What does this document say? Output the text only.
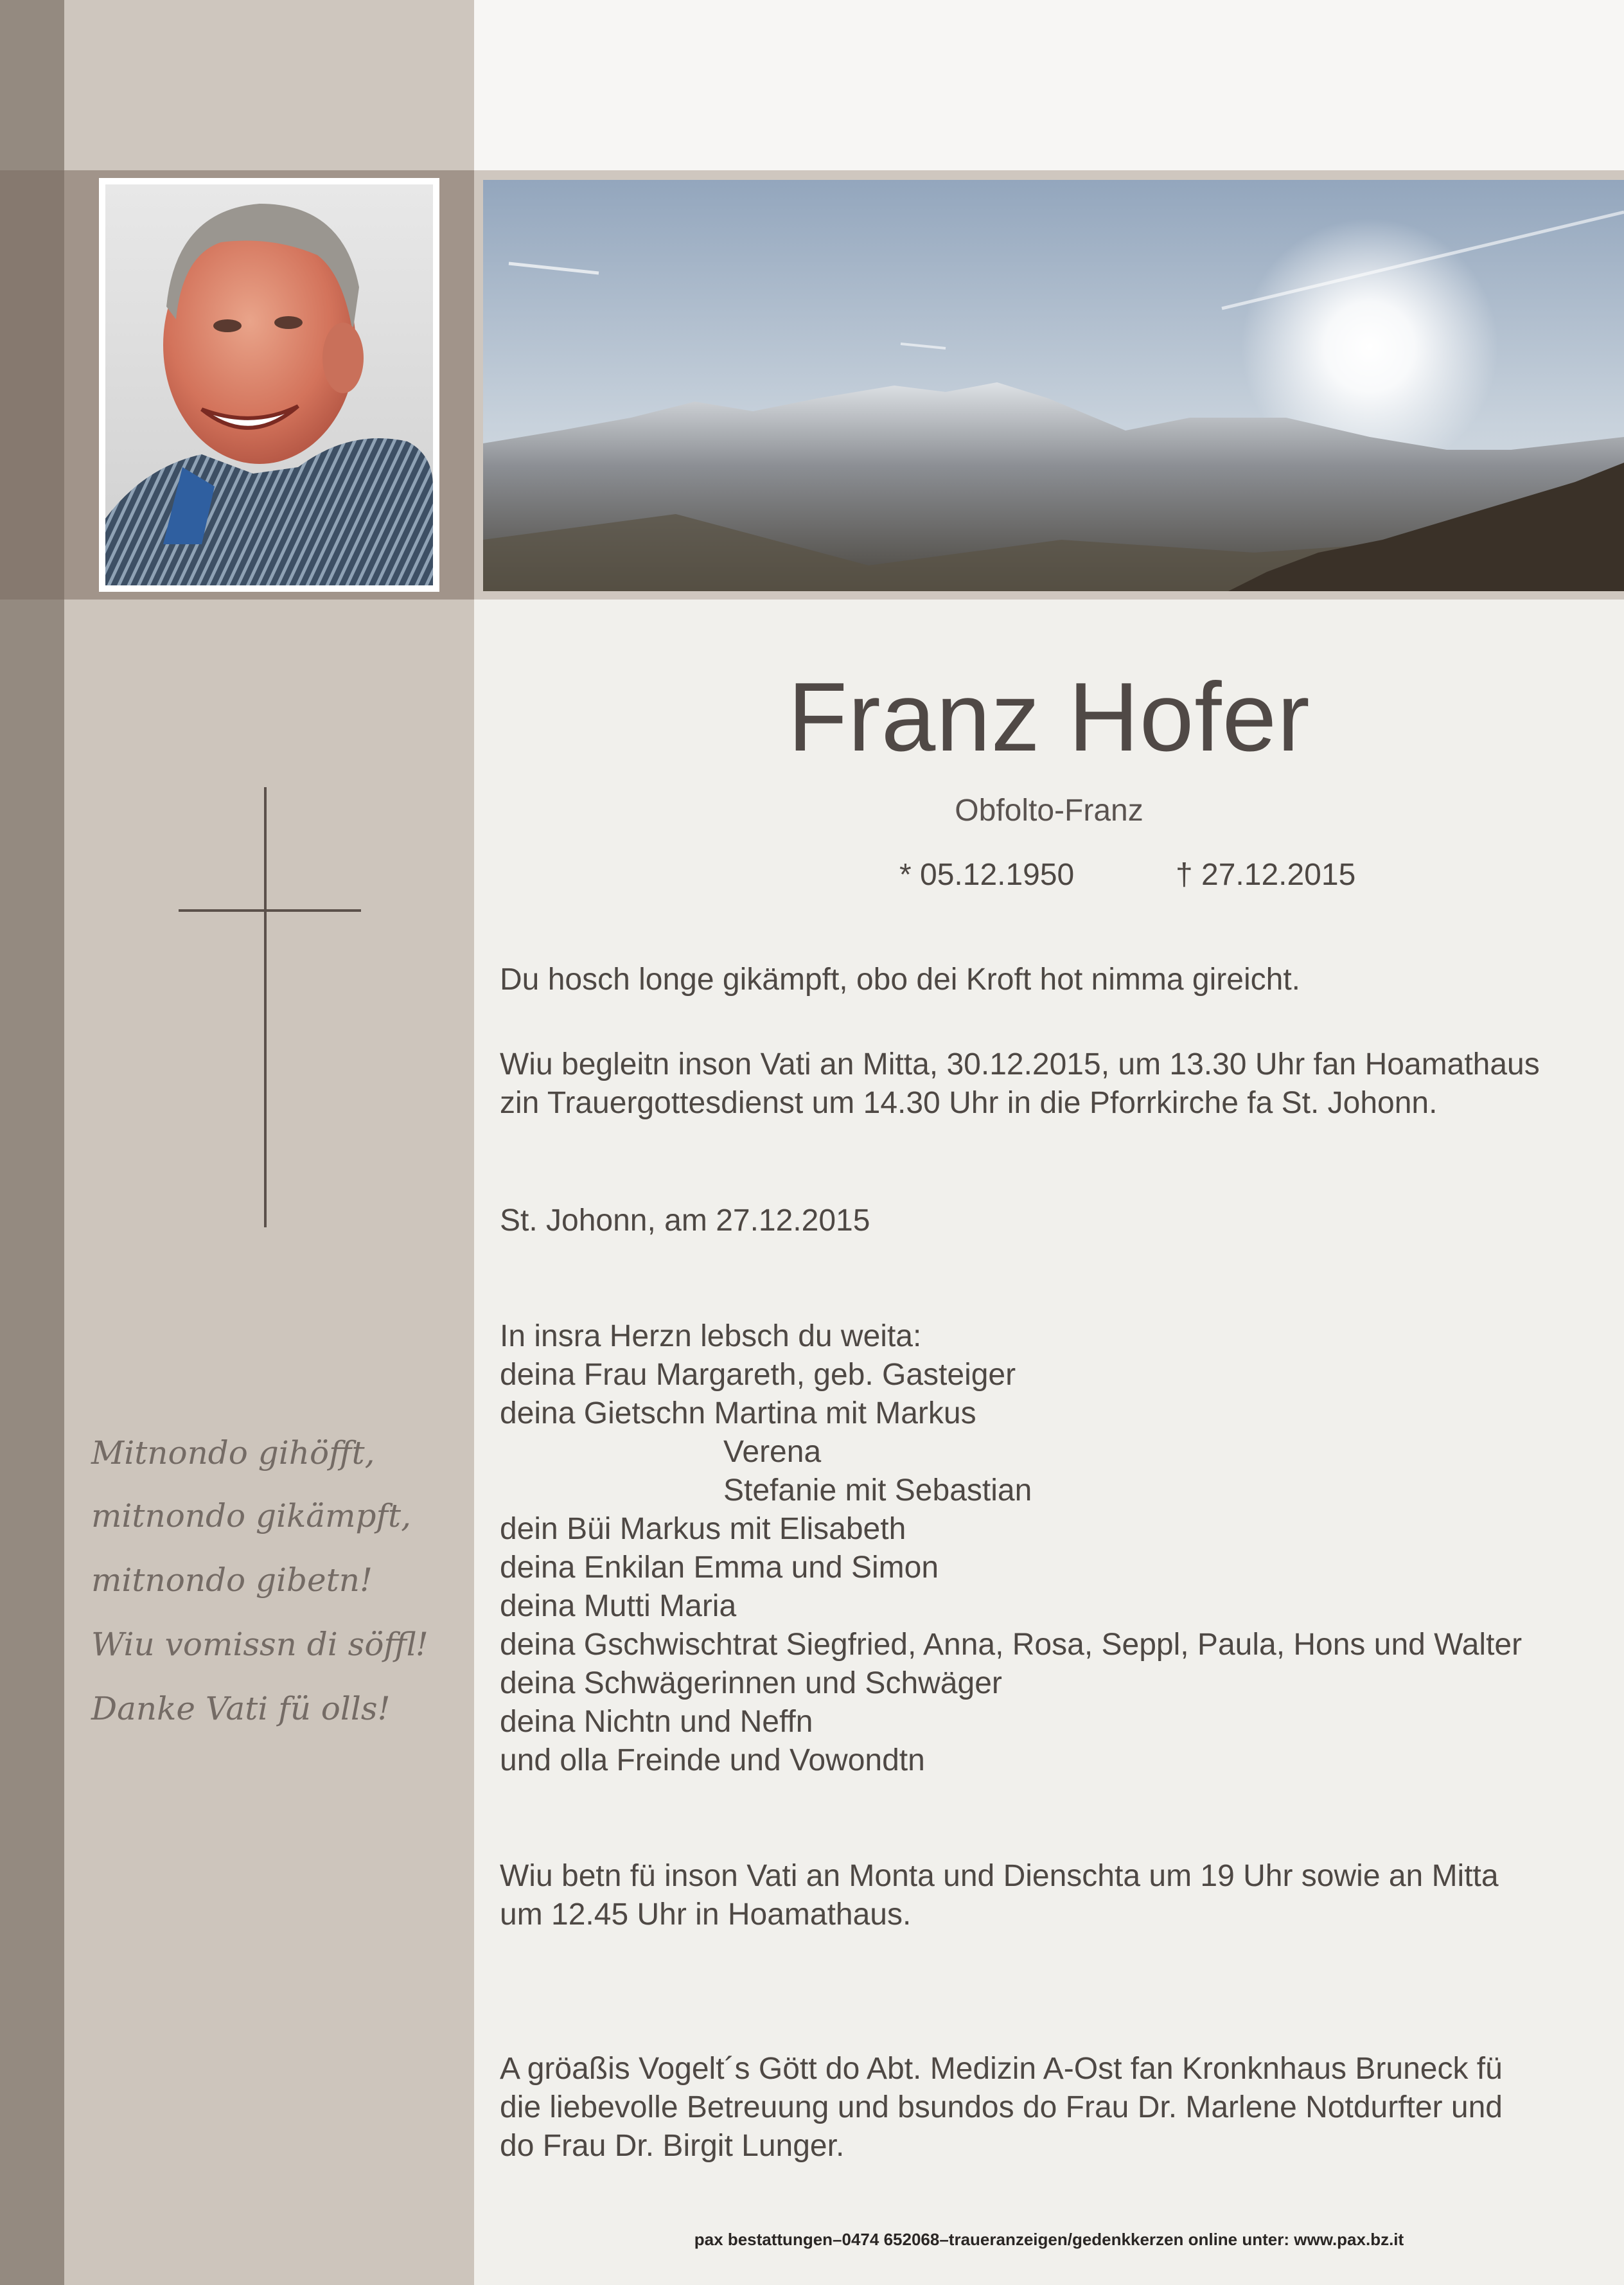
Franz Hofer
Obfolto-Franz
* 05.12.1950	† 27.12.2015

Du hosch longe gikämpft, obo dei Kroft hot nimma gireicht.

Wiu begleitn inson Vati an Mitta, 30.12.2015, um 13.30 Uhr fan Hoamathaus
zin Trauergottesdienst um 14.30 Uhr in die Pforrkirche fa St. Johonn.

St. Johonn, am 27.12.2015

In insra Herzn lebsch du weita:
deina Frau Margareth, geb. Gasteiger
deina Gietschn Martina mit Markus
Verena
Stefanie mit Sebastian
dein Büi Markus mit Elisabeth
deina Enkilan Emma und Simon
deina Mutti Maria
deina Gschwischtrat Siegfried, Anna, Rosa, Seppl, Paula, Hons und Walter
deina Schwägerinnen und Schwäger
deina Nichtn und Neffn
und olla Freinde und Vowondtn
Wiu betn fü inson Vati an Monta und Dienschta um 19 Uhr sowie an Mitta
um 12.45 Uhr in Hoamathaus.
A gröaßis Vogelt´s Gött do Abt. Medizin A-Ost fan Kronknhaus Bruneck fü
die liebevolle Betreuung und bsundos do Frau Dr. Marlene Notdurfter und
do Frau Dr. Birgit Lunger.
Mitnondo gihöfft,
mitnondo gikämpft,
mitnondo gibetn!
Wiu vomissn di söffl!
Danke Vati fü olls!
pax bestattungen–0474 652068–traueranzeigen/gedenkkerzen online unter: www.pax.bz.it
